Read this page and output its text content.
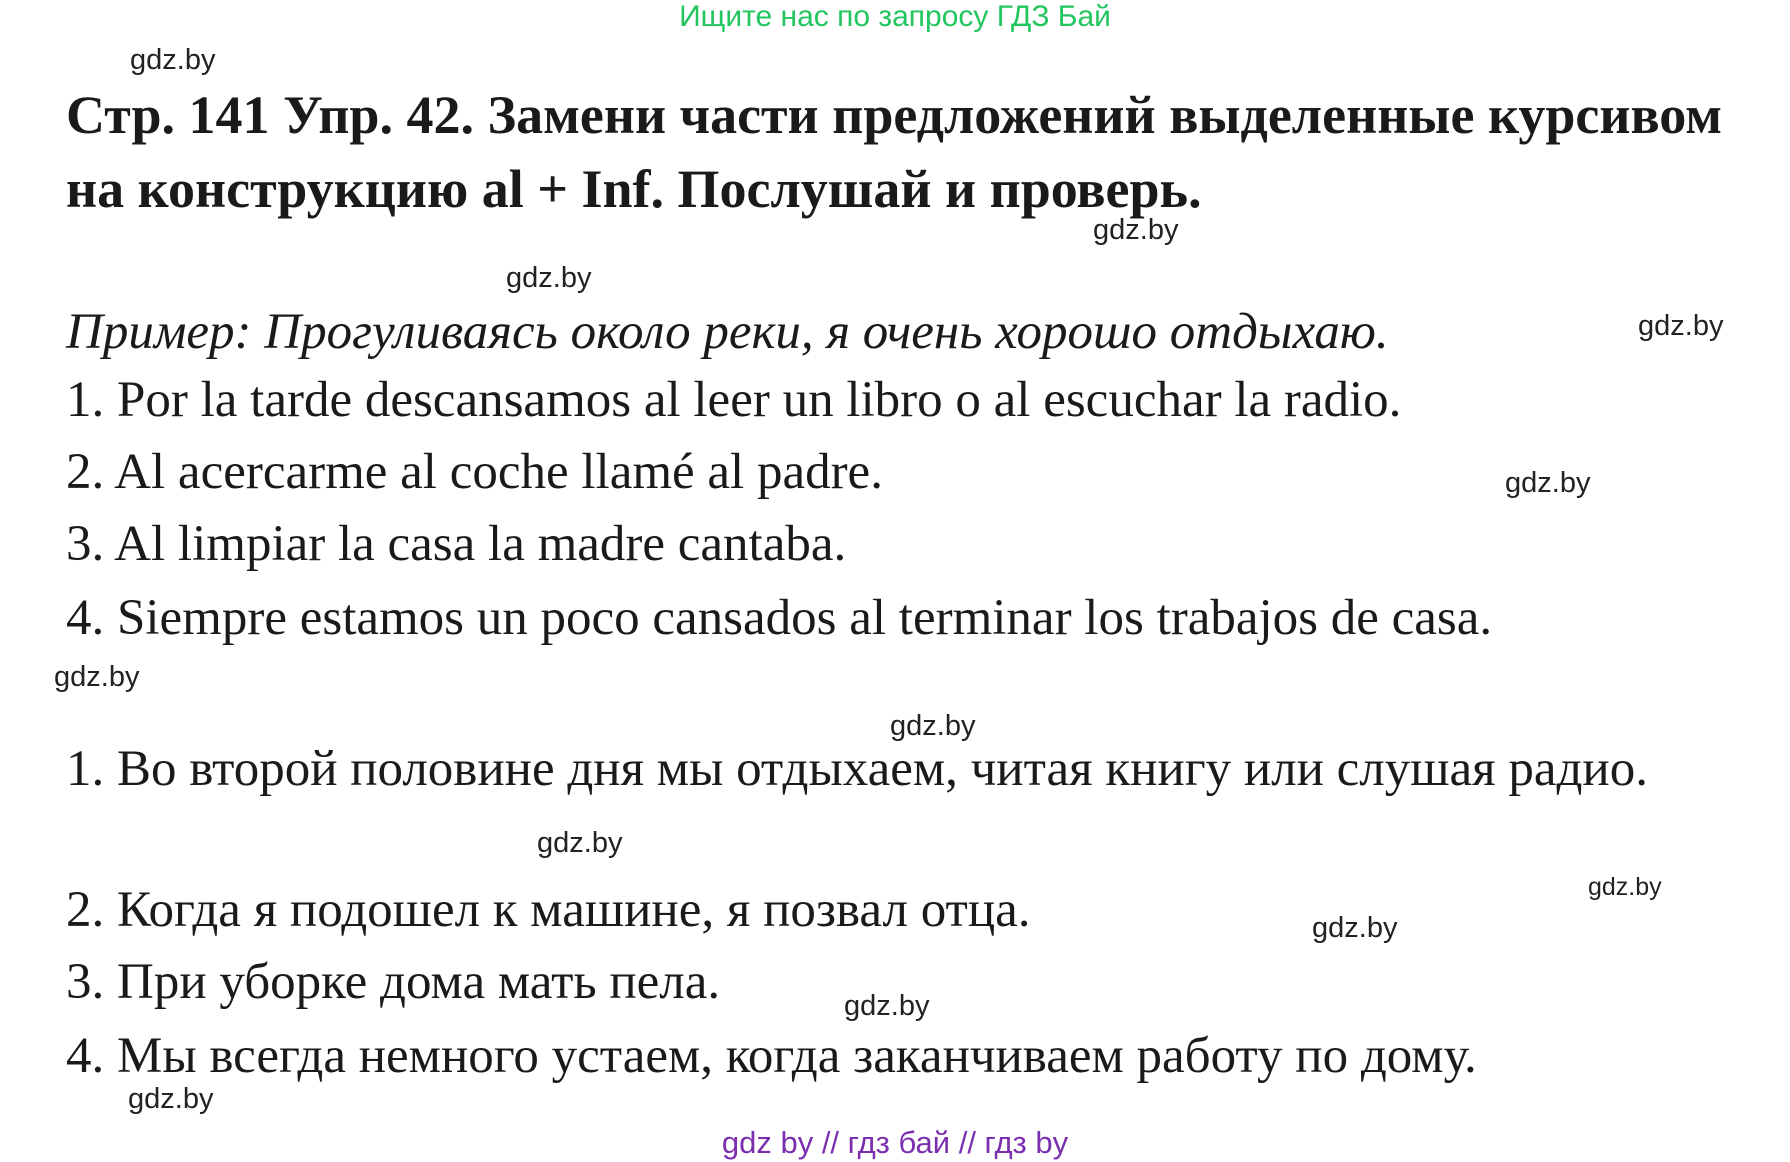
Ищите нас по запросу ГДЗ Бай
gdz.by
Стр. 141 Упр. 42. Замени части предложений выделенные курсивом на конструкцию al + Inf. Послушай и проверь.
gdz.by
gdz.by
gdz.by
Пример: Прогуливаясь около реки, я очень хорошо отдыхаю.
1. Por la tarde descansamos al leer un libro o al escuchar la radio.
2. Al acercarme al coche llamé al padre.	gdz.by
3. Al limpiar la casa la madre cantaba.
4. Siempre estamos un poco cansados al terminar los trabajos de casa.
gdz.by
gdz.by
1. Во второй половине дня мы отдыхаем, читая книгу или слушая радио.
gdz.by
gdz.by
2. Когда я подошел к машине, я позвал отца.	gdz.by
3. При уборке дома мать пела.	gdz.by
4. Мы всегда немного устаем, когда заканчиваем работу по дому.
gdz.by
gdz by // гдз бай // гдз by
